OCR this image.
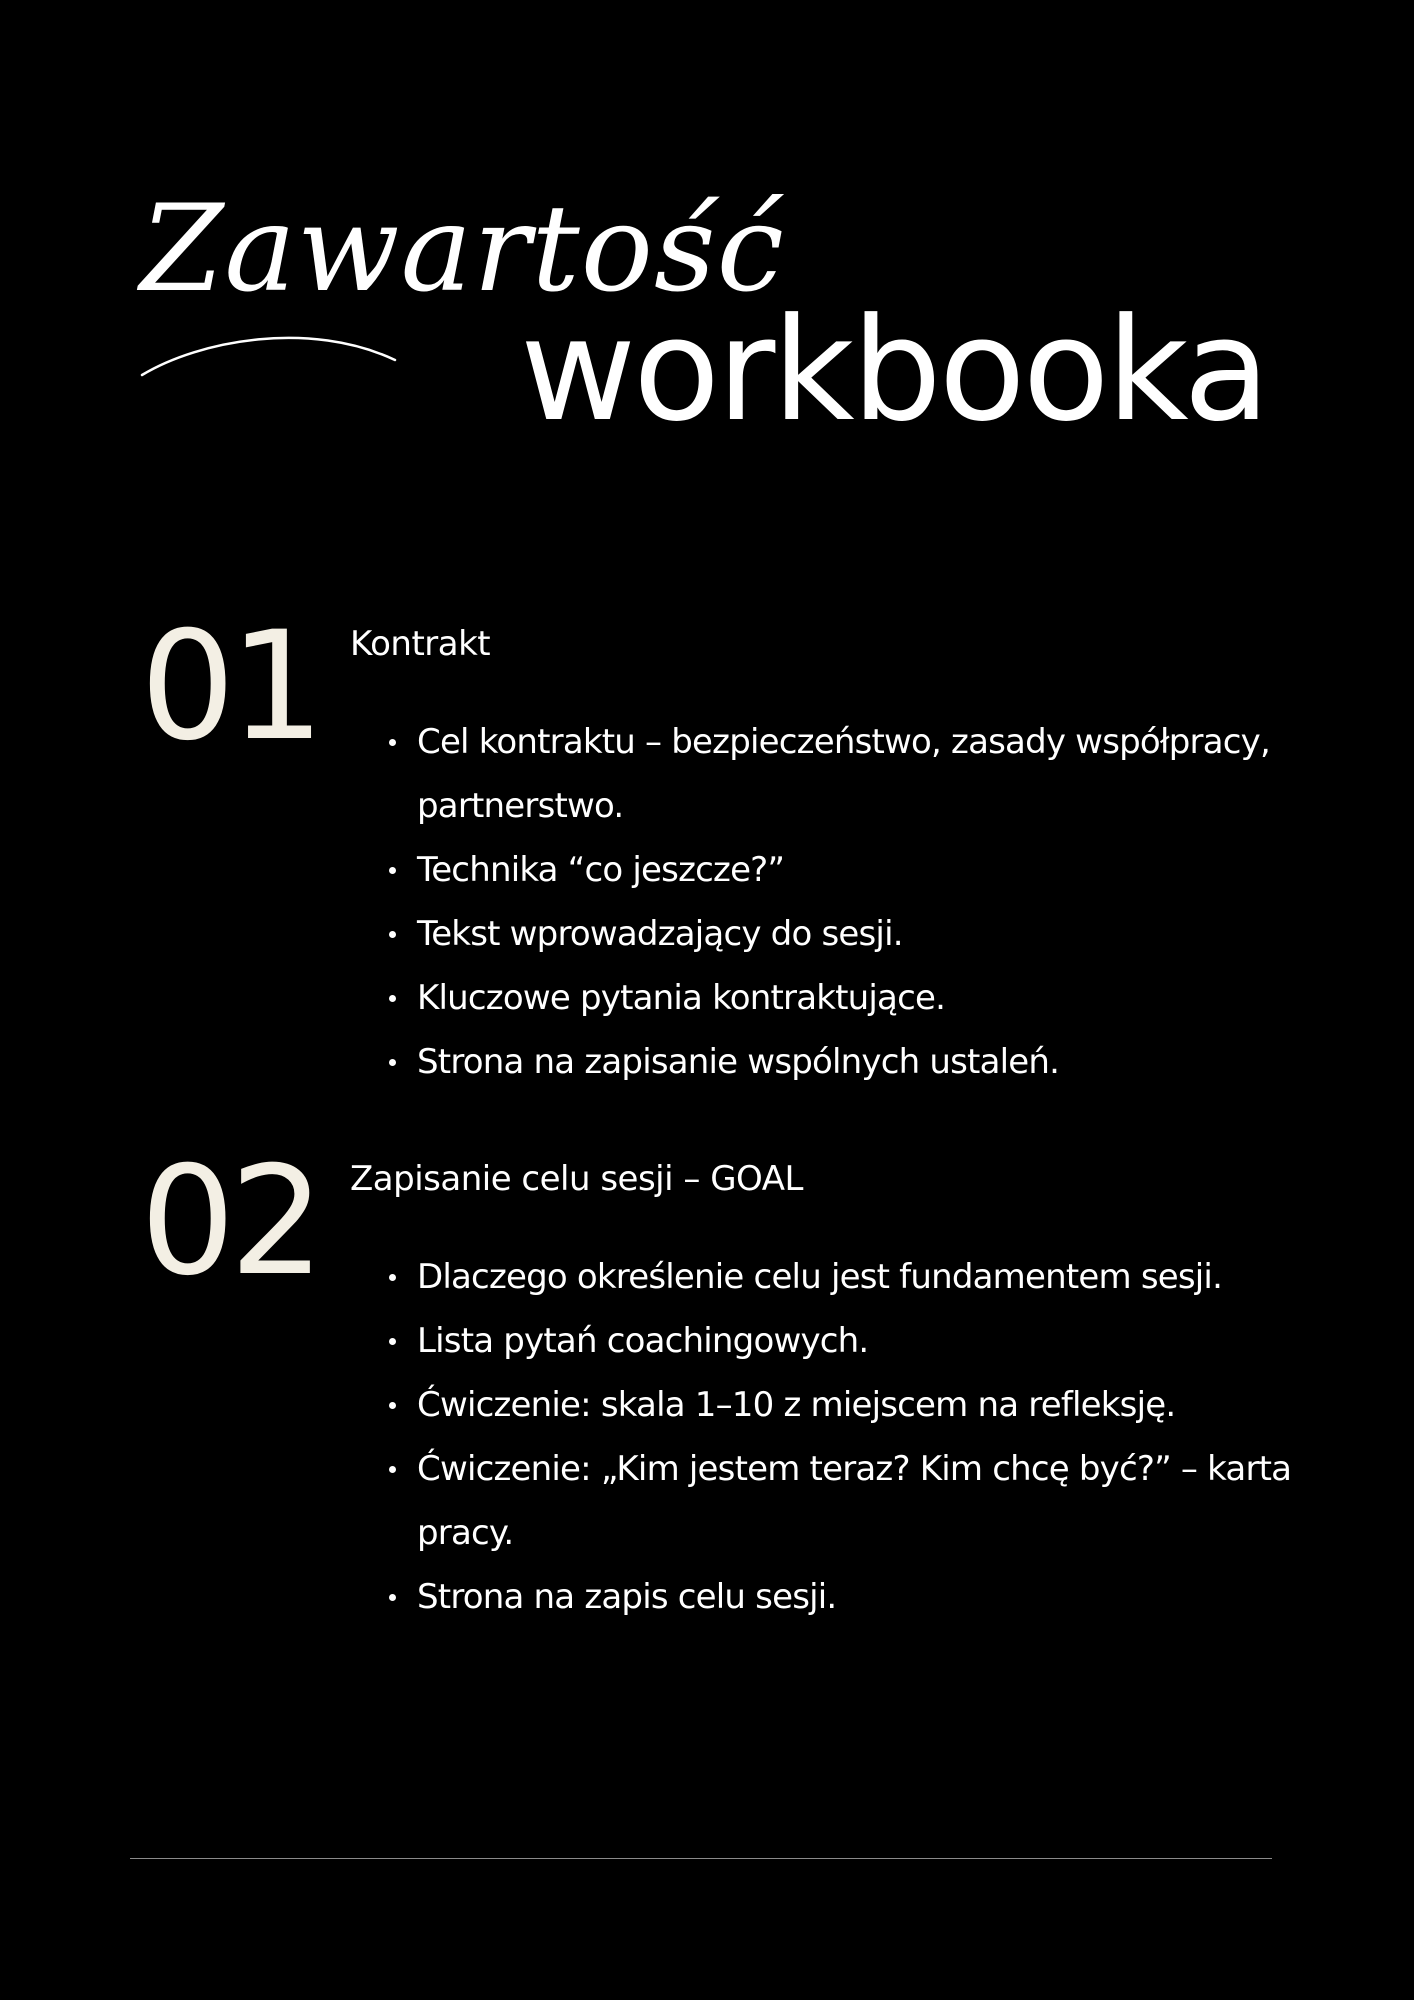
Zawartość
workbooka
01 Kontrakt
Cel kontraktu – bezpieczeństwo, zasady współpracy, partnerstwo.
Technika “co jeszcze?”
Tekst wprowadzający do sesji.
Kluczowe pytania kontraktujące.
Strona na zapisanie wspólnych ustaleń.
02 Zapisanie celu sesji – GOAL
Dlaczego określenie celu jest fundamentem sesji.
Lista pytań coachingowych.
Ćwiczenie: skala 1–10 z miejscem na refleksję.
Ćwiczenie: „Kim jestem teraz? Kim chcę być?” – karta pracy.
Strona na zapis celu sesji.
